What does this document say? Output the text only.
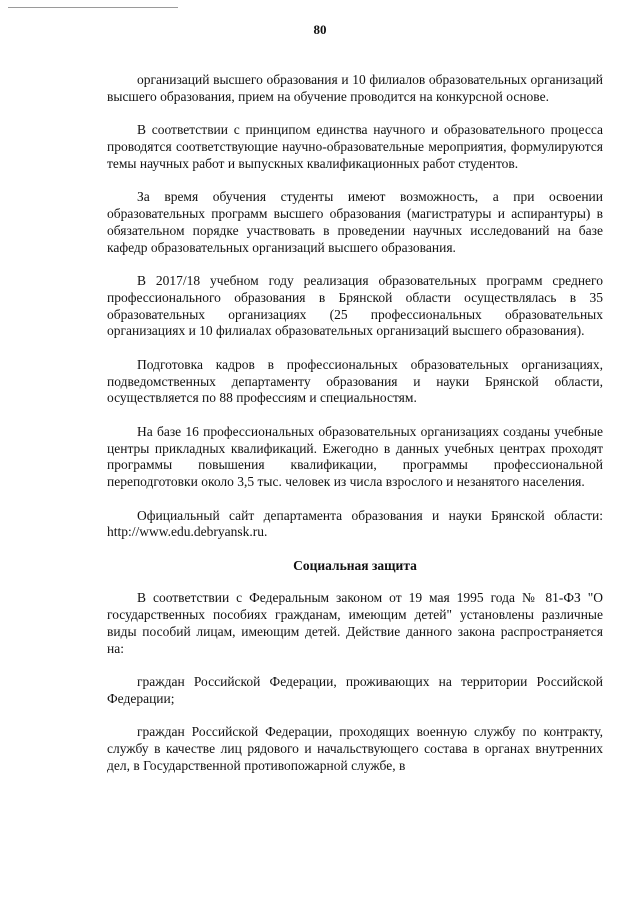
80

организаций высшего образования и 10 филиалов образовательных организаций высшего образования, прием на обучение проводится на конкурсной основе.

В соответствии с принципом единства научного и образовательного процесса проводятся соответствующие научно-образовательные мероприятия, формулируются темы научных работ и выпускных квалификационных работ студентов.

За время обучения студенты имеют возможность, а при освоении образовательных программ высшего образования (магистратуры и аспирантуры) в обязательном порядке участвовать в проведении научных исследований на базе кафедр образовательных организаций высшего образования.

В 2017/18 учебном году реализация образовательных программ среднего профессионального образования в Брянской области осуществлялась в 35 образовательных организациях (25 профессиональных образовательных организациях и 10 филиалах образовательных организаций высшего образования).

Подготовка кадров в профессиональных образовательных организациях, подведомственных департаменту образования и науки Брянской области, осуществляется по 88 профессиям и специальностям.

На базе 16 профессиональных образовательных организациях созданы учебные центры прикладных квалификаций. Ежегодно в данных учебных центрах проходят программы повышения квалификации, программы профессиональной переподготовки около 3,5 тыс. человек из числа взрослого и незанятого населения.

Официальный сайт департамента образования и науки Брянской области: http://www.edu.debryansk.ru.

Социальная защита

В соответствии с Федеральным законом от 19 мая 1995 года № 81-ФЗ "О государственных пособиях гражданам, имеющим детей" установлены различные виды пособий лицам, имеющим детей. Действие данного закона распространяется на:

граждан Российской Федерации, проживающих на территории Российской Федерации;

граждан Российской Федерации, проходящих военную службу по контракту, службу в качестве лиц рядового и начальствующего состава в органах внутренних дел, в Государственной противопожарной службе, в
